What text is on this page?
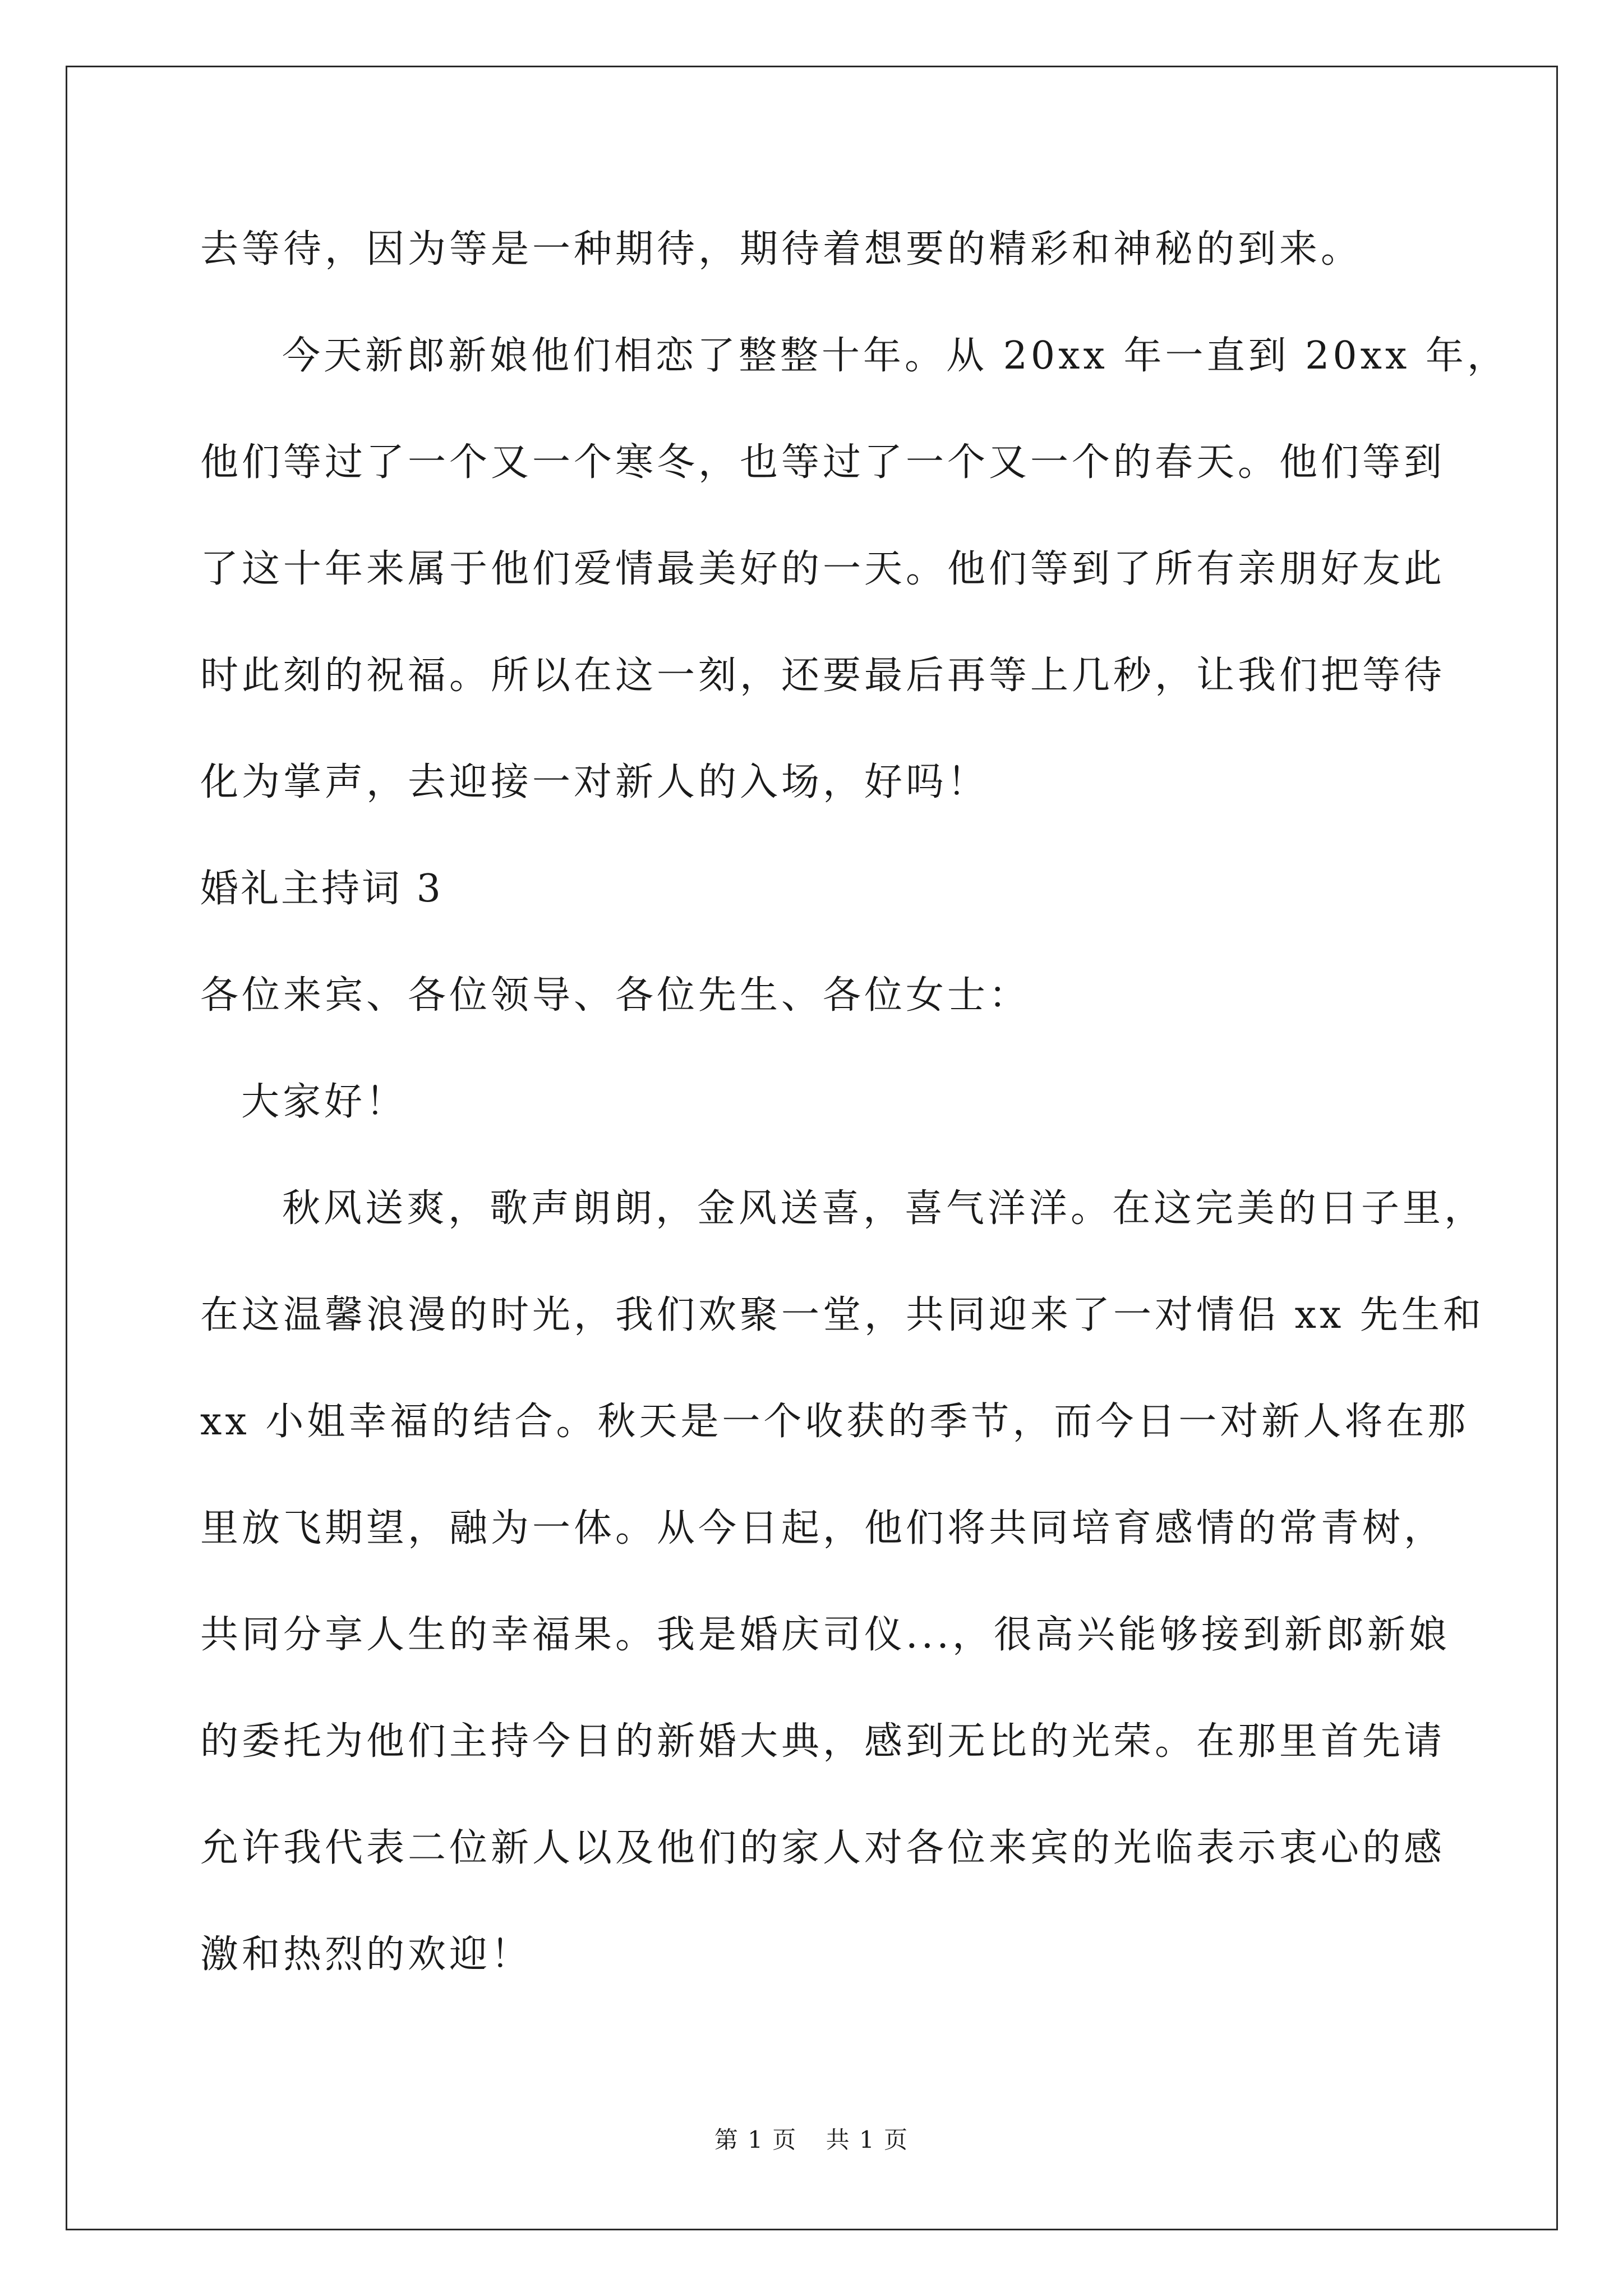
去等待，因为等是一种期待，期待着想要的精彩和神秘的到来。
今天新郎新娘他们相恋了整整十年。从 20xx 年一直到 20xx 年，
他们等过了一个又一个寒冬，也等过了一个又一个的春天。他们等到
了这十年来属于他们爱情最美好的一天。他们等到了所有亲朋好友此
时此刻的祝福。所以在这一刻，还要最后再等上几秒，让我们把等待
化为掌声，去迎接一对新人的入场，好吗！
婚礼主持词 3
各位来宾、各位领导、各位先生、各位女士：
大家好！
秋风送爽，歌声朗朗，金风送喜，喜气洋洋。在这完美的日子里，
在这温馨浪漫的时光，我们欢聚一堂，共同迎来了一对情侣 xx 先生和
xx 小姐幸福的结合。秋天是一个收获的季节，而今日一对新人将在那
里放飞期望，融为一体。从今日起，他们将共同培育感情的常青树，
共同分享人生的幸福果。我是婚庆司仪...，很高兴能够接到新郎新娘
的委托为他们主持今日的新婚大典，感到无比的光荣。在那里首先请
允许我代表二位新人以及他们的家人对各位来宾的光临表示衷心的感
激和热烈的欢迎！
第 1 页 共 1 页
